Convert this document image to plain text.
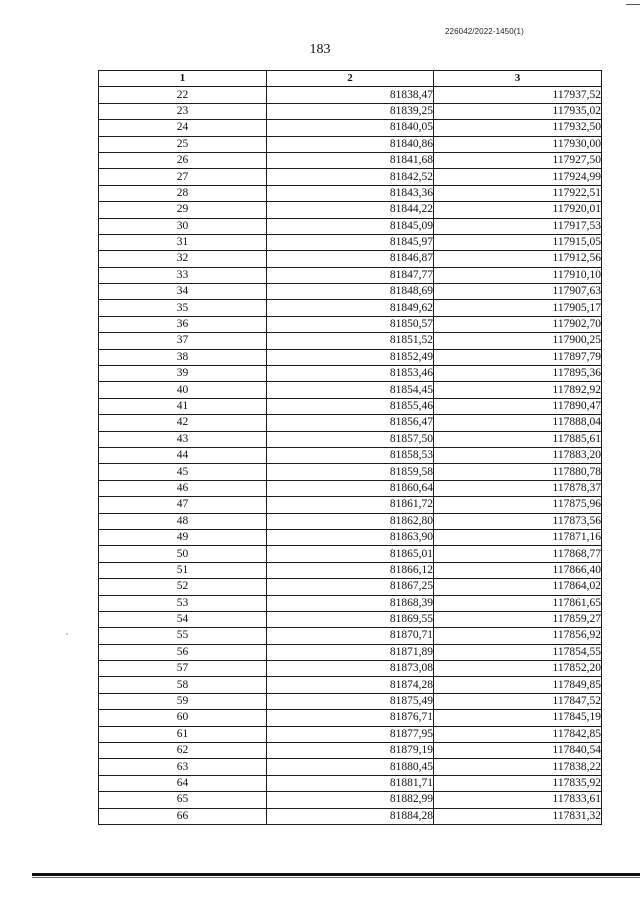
226042/2022-1450(1)
183
1	2	3
22	81838,47	117937,52
23	81839,25	117935,02
24	81840,05	117932,50
25	81840,86	117930,00
26	81841,68	117927,50
27	81842,52	117924,99
28	81843,36	117922,51
29	81844,22	117920,01
30	81845,09	117917,53
31	81845,97	117915,05
32	81846,87	117912,56
33	81847,77	117910,10
34	81848,69	117907,63
35	81849,62	117905,17
36	81850,57	117902,70
37	81851,52	117900,25
38	81852,49	117897,79
39	81853,46	117895,36
40	81854,45	117892,92
41	81855,46	117890,47
42	81856,47	117888,04
43	81857,50	117885,61
44	81858,53	117883,20
45	81859,58	117880,78
46	81860,64	117878,37
47	81861,72	117875,96
48	81862,80	117873,56
49	81863,90	117871,16
50	81865,01	117868,77
51	81866,12	117866,40
52	81867,25	117864,02
53	81868,39	117861,65
54	81869,55	117859,27
55	81870,71	117856,92
56	81871,89	117854,55
57	81873,08	117852,20
58	81874,28	117849,85
59	81875,49	117847,52
60	81876,71	117845,19
61	81877,95	117842,85
62	81879,19	117840,54
63	81880,45	117838,22
64	81881,71	117835,92
65	81882,99	117833,61
66	81884,28	117831,32
